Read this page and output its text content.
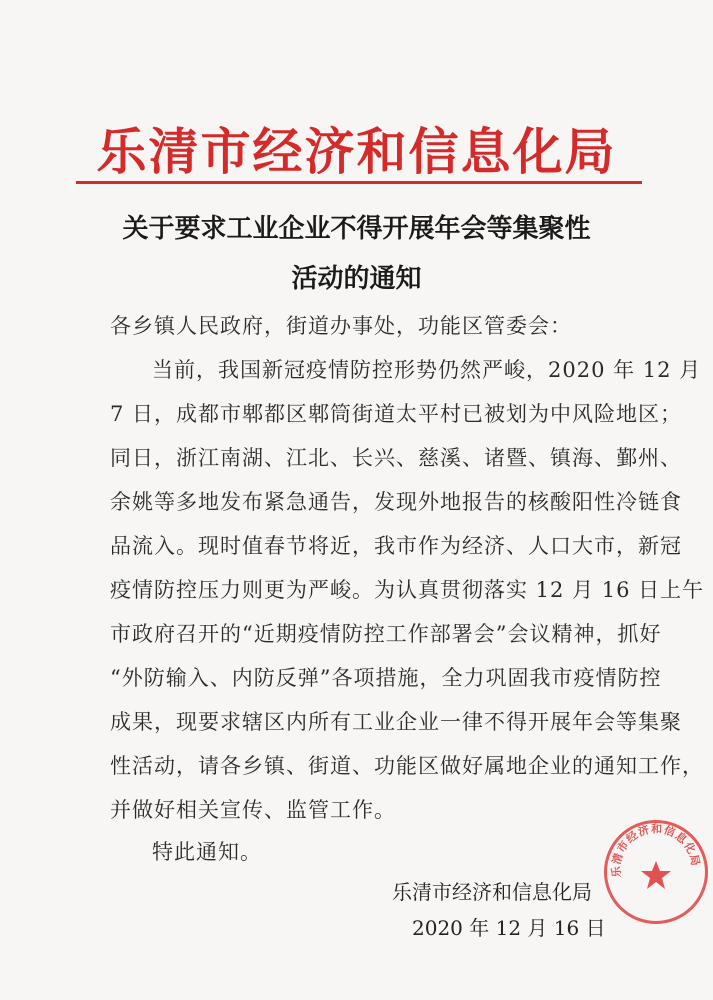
乐清市经济和信息化局
关于要求工业企业不得开展年会等集聚性
活动的通知
各乡镇人民政府，街道办事处，功能区管委会：
当前，我国新冠疫情防控形势仍然严峻，2020 年 12 月
7 日，成都市郫都区郫筒街道太平村已被划为中风险地区；
同日，浙江南湖、江北、长兴、慈溪、诸暨、镇海、鄞州、
余姚等多地发布紧急通告，发现外地报告的核酸阳性冷链食
品流入。现时值春节将近，我市作为经济、人口大市，新冠
疫情防控压力则更为严峻。为认真贯彻落实 12 月 16 日上午
市政府召开的“近期疫情防控工作部署会”会议精神，抓好
“外防输入、内防反弹”各项措施，全力巩固我市疫情防控
成果，现要求辖区内所有工业企业一律不得开展年会等集聚
性活动，请各乡镇、街道、功能区做好属地企业的通知工作，
并做好相关宣传、监管工作。
特此通知。
乐清市经济和信息化局
2020 年 12 月 16 日
乐清市经济和信息化局
